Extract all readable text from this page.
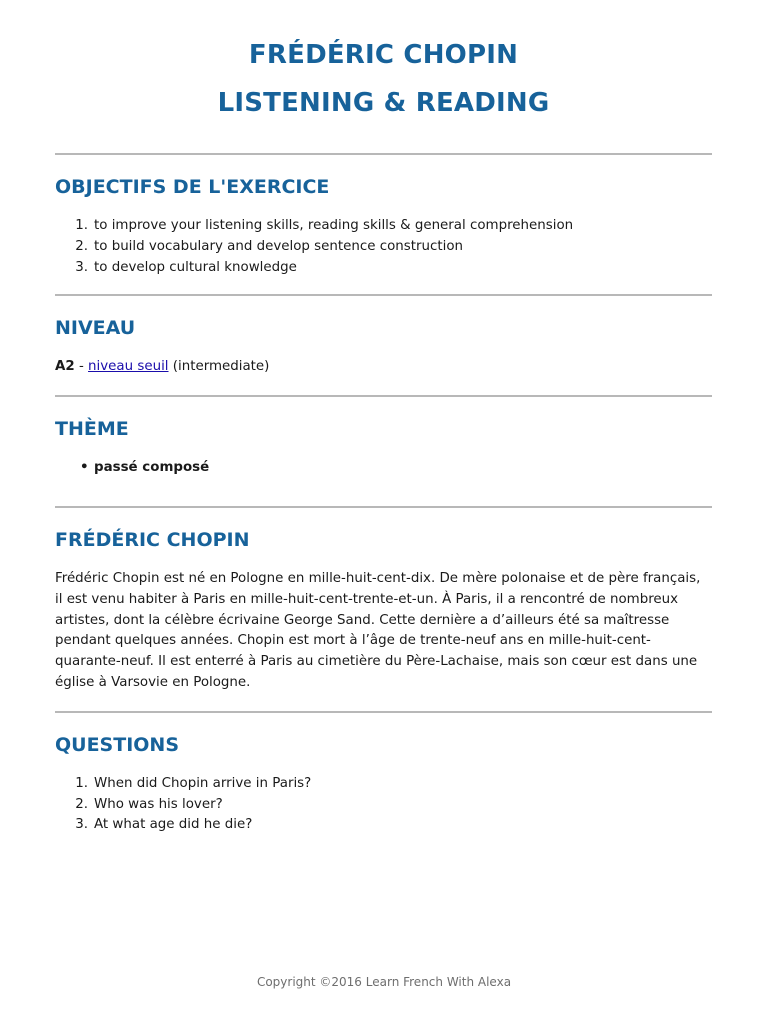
FRÉDÉRIC CHOPIN
LISTENING & READING
OBJECTIFS DE L'EXERCICE
1. to improve your listening skills, reading skills & general comprehension
2. to build vocabulary and develop sentence construction
3. to develop cultural knowledge
NIVEAU

A2 - niveau seuil (intermediate)

THÈME
• passé composé
FRÉDÉRIC CHOPIN

Frédéric Chopin est né en Pologne en mille-huit-cent-dix. De mère polonaise et de père français, il est venu habiter à Paris en mille-huit-cent-trente-et-un. À Paris, il a rencontré de nombreux artistes, dont la célèbre écrivaine George Sand. Cette dernière a d’ailleurs été sa maîtresse pendant quelques années. Chopin est mort à l’âge de trente-neuf ans en mille-huit-cent-quarante-neuf. Il est enterré à Paris au cimetière du Père-Lachaise, mais son cœur est dans une église à Varsovie en Pologne.

QUESTIONS
1. When did Chopin arrive in Paris?
2. Who was his lover?
3. At what age did he die?
Copyright ©2016 Learn French With Alexa
